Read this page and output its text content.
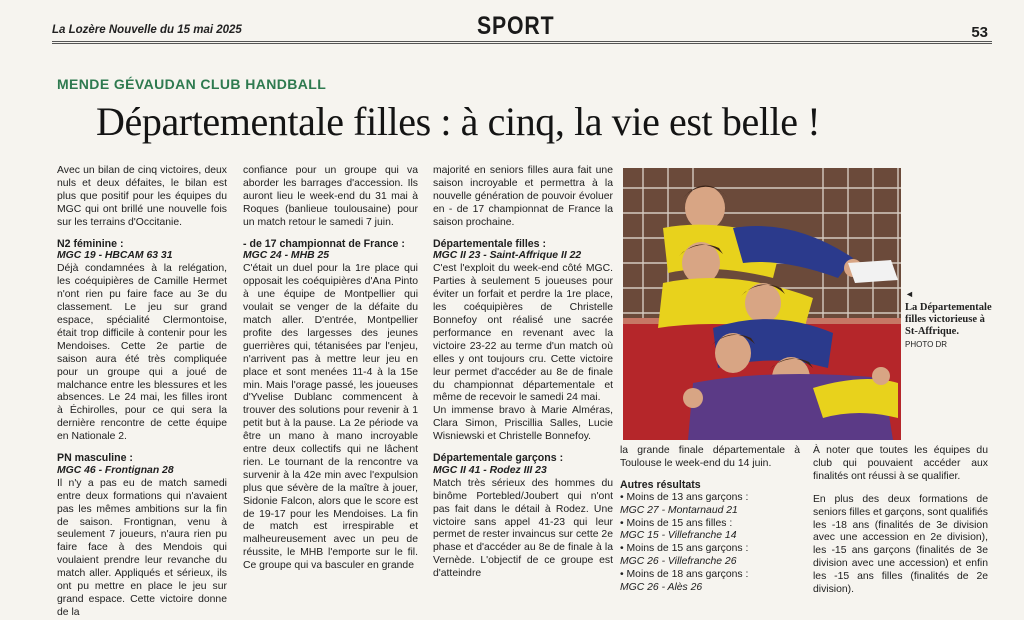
La Lozère Nouvelle du 15 mai 2025	SPORT	53
MENDE GÉVAUDAN CLUB HANDBALL
Départementale filles : à cinq, la vie est belle !

Avec un bilan de cinq victoires, deux nuls et deux défaites, le bilan est plus que positif pour les équipes du MGC qui ont brillé une nouvelle fois sur les terrains d'Occitanie.

N2 féminine :

MGC 19 - HBCAM 63 31

Déjà condamnées à la relégation, les coéquipières de Camille Hermet n'ont rien pu faire face au 3e du classement. Le jeu sur grand espace, spécialité Clermontoise, était trop difficile à contenir pour les Mendoises. Cette 2e partie de saison aura été très compliquée pour un groupe qui a joué de malchance entre les blessures et les absences. Le 24 mai, les filles iront à Échirolles, pour ce qui sera la dernière rencontre de cette équipe en Nationale 2.

PN masculine :

MGC 46 - Frontignan 28

Il n'y a pas eu de match samedi entre deux formations qui n'avaient pas les mêmes ambitions sur la fin de saison. Frontignan, venu à seulement 7 joueurs, n'aura rien pu faire face à des Mendois qui voulaient prendre leur revanche du match aller. Appliqués et sérieux, ils ont pu mettre en place le jeu sur grand espace. Cette victoire donne de la

confiance pour un groupe qui va aborder les barrages d'accession. Ils auront lieu le week-end du 31 mai à Roques (banlieue toulousaine) pour un match retour le samedi 7 juin.

- de 17 championnat de France :

MGC 24 - MHB 25

C'était un duel pour la 1re place qui opposait les coéquipières d'Ana Pinto à une équipe de Montpellier qui voulait se venger de la défaite du match aller. D'entrée, Montpellier profite des largesses des jeunes guerrières qui, tétanisées par l'enjeu, n'arrivent pas à mettre leur jeu en place et sont menées 11-4 à la 15e min. Mais l'orage passé, les joueuses d'Yvelise Dublanc commencent à trouver des solutions pour revenir à 1 petit but à la pause. La 2e période va être un mano à mano incroyable entre deux collectifs qui ne lâchent rien. Le tournant de la rencontre va survenir à la 42e min avec l'expulsion plus que sévère de la maître à jouer, Sidonie Falcon, alors que le score est de 19-17 pour les Mendoises. La fin de match est irrespirable et malheureusement avec un peu de réussite, le MHB l'emporte sur le fil. Ce groupe qui va basculer en grande

majorité en seniors filles aura fait une saison incroyable et permettra à la nouvelle génération de pouvoir évoluer en - de 17 championnat de France la saison prochaine.

Départementale filles :

MGC II 23 - Saint-Affrique II 22

C'est l'exploit du week-end côté MGC. Parties à seulement 5 joueuses pour éviter un forfait et perdre la 1re place, les coéquipières de Christelle Bonnefoy ont réalisé une sacrée performance en revenant avec la victoire 23-22 au terme d'un match où elles y ont toujours cru. Cette victoire leur permet d'accéder au 8e de finale du championnat départementale et même de recevoir le samedi 24 mai.

Un immense bravo à Marie Alméras, Clara Simon, Priscillia Salles, Lucie Wisniewski et Christelle Bonnefoy.

Départementale garçons :

MGC II 41 - Rodez III 23

Match très sérieux des hommes du binôme Portebled/Joubert qui n'ont pas fait dans le détail à Rodez. Une victoire sans appel 41-23 qui leur permet de rester invaincus sur cette 2e phase et d'accéder au 8e de finale à la Vernède. L'objectif de ce groupe est d'atteindre

◄
La Départementale filles victorieuse à St-Affrique.
PHOTO DR

la grande finale départementale à Toulouse le week-end du 14 juin.

Autres résultats

• Moins de 13 ans garçons :
MGC 27 - Montarnaud 21
• Moins de 15 ans filles :
MGC 15 - Villefranche 14
• Moins de 15 ans garçons :
MGC 26 - Villefranche 26
• Moins de 18 ans garçons :
MGC 26 - Alès 26

À noter que toutes les équipes du club qui pouvaient accéder aux finalités ont réussi à se qualifier.

En plus des deux formations de seniors filles et garçons, sont qualifiés les -18 ans (finalités de 3e division avec une accession en 2e division), les -15 ans garçons (finalités de 3e division avec une accession) et enfin les -15 ans filles (finalités de 2e division).
